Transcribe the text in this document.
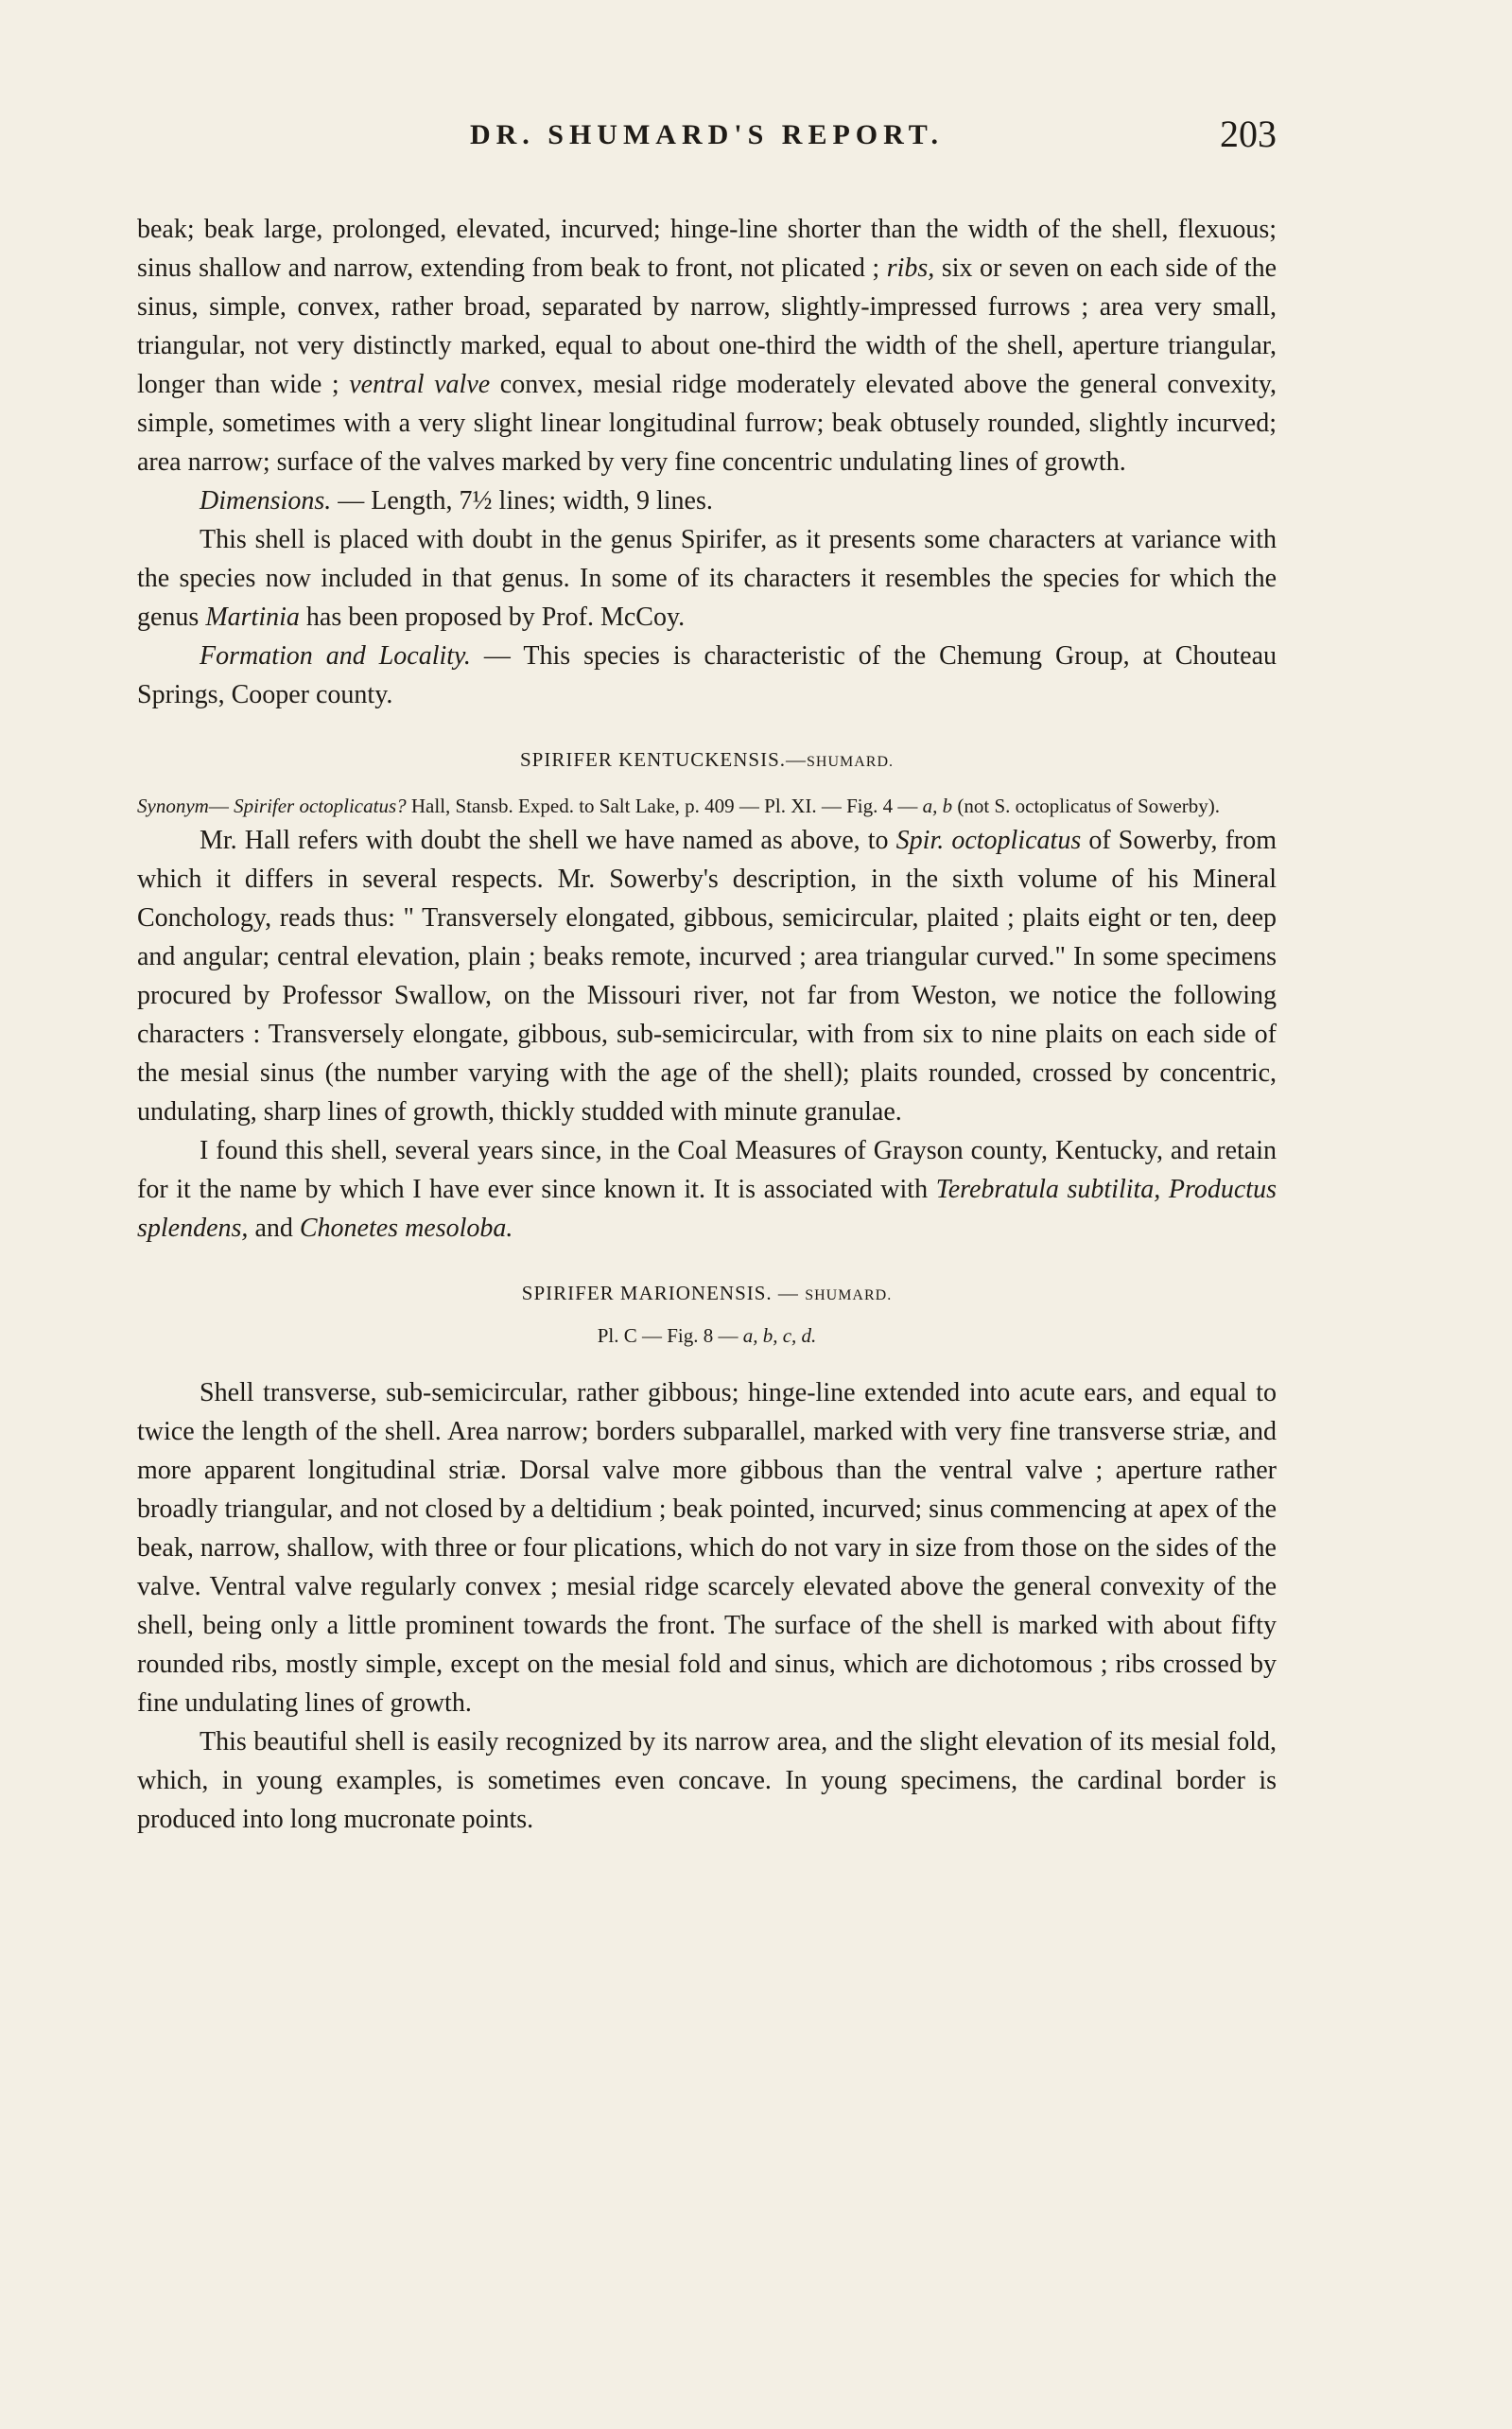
DR. SHUMARD'S REPORT.	203

beak; beak large, prolonged, elevated, incurved; hinge-line shorter than the width of the shell, flexuous; sinus shallow and narrow, extending from beak to front, not plicated ; ribs, six or seven on each side of the sinus, simple, convex, rather broad, separated by narrow, slightly-impressed furrows ; area very small, triangular, not very distinctly marked, equal to about one-third the width of the shell, aperture triangular, longer than wide ; ventral valve convex, mesial ridge moderately elevated above the general convexity, simple, sometimes with a very slight linear longitudinal furrow; beak obtusely rounded, slightly incurved; area narrow; surface of the valves marked by very fine concentric undulating lines of growth.

Dimensions. — Length, 7½ lines; width, 9 lines.

This shell is placed with doubt in the genus Spirifer, as it presents some characters at variance with the species now included in that genus. In some of its characters it resembles the species for which the genus Martinia has been proposed by Prof. McCoy.

Formation and Locality. — This species is characteristic of the Chemung Group, at Chouteau Springs, Cooper county.

SPIRIFER KENTUCKENSIS.—SHUMARD.

Synonym— Spirifer octoplicatus? Hall, Stansb. Exped. to Salt Lake, p. 409 — Pl. XI. — Fig. 4 — a, b (not S. octoplicatus of Sowerby).

Mr. Hall refers with doubt the shell we have named as above, to Spir. octoplicatus of Sowerby, from which it differs in several respects. Mr. Sowerby's description, in the sixth volume of his Mineral Conchology, reads thus: " Transversely elongated, gibbous, semicircular, plaited ; plaits eight or ten, deep and angular; central elevation, plain ; beaks remote, incurved ; area triangular curved." In some specimens procured by Professor Swallow, on the Missouri river, not far from Weston, we notice the following characters : Transversely elongate, gibbous, sub-semicircular, with from six to nine plaits on each side of the mesial sinus (the number varying with the age of the shell); plaits rounded, crossed by concentric, undulating, sharp lines of growth, thickly studded with minute granulae.

I found this shell, several years since, in the Coal Measures of Grayson county, Kentucky, and retain for it the name by which I have ever since known it. It is associated with Terebratula subtilita, Productus splendens, and Chonetes mesoloba.

SPIRIFER MARIONENSIS. — SHUMARD.
Pl. C — Fig. 8 — a, b, c, d.

Shell transverse, sub-semicircular, rather gibbous; hinge-line extended into acute ears, and equal to twice the length of the shell. Area narrow; borders subparallel, marked with very fine transverse striæ, and more apparent longitudinal striæ. Dorsal valve more gibbous than the ventral valve ; aperture rather broadly triangular, and not closed by a deltidium ; beak pointed, incurved; sinus commencing at apex of the beak, narrow, shallow, with three or four plications, which do not vary in size from those on the sides of the valve. Ventral valve regularly convex ; mesial ridge scarcely elevated above the general convexity of the shell, being only a little prominent towards the front. The surface of the shell is marked with about fifty rounded ribs, mostly simple, except on the mesial fold and sinus, which are dichotomous ; ribs crossed by fine undulating lines of growth.

This beautiful shell is easily recognized by its narrow area, and the slight elevation of its mesial fold, which, in young examples, is sometimes even concave. In young specimens, the cardinal border is produced into long mucronate points.
